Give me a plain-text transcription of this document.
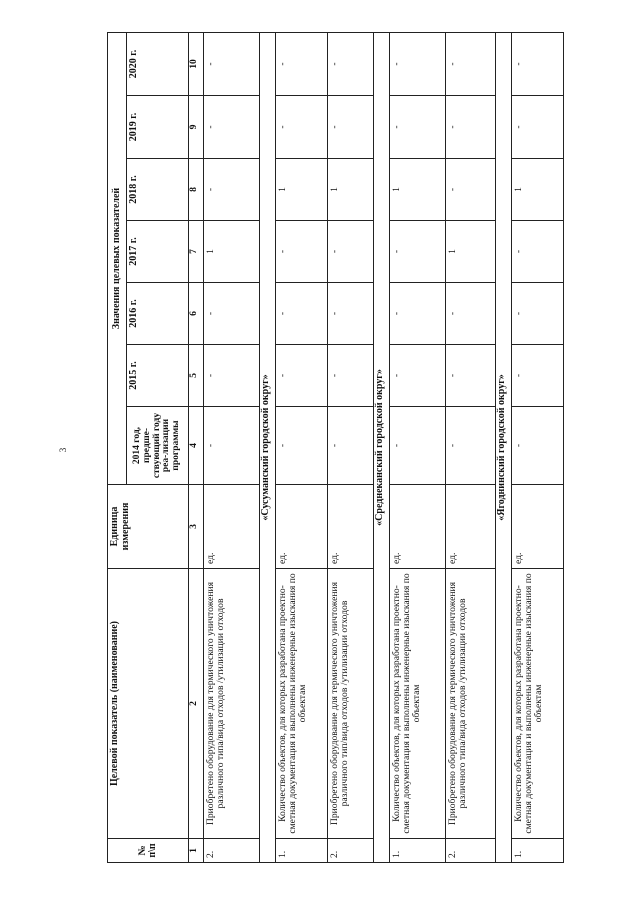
3
№ п\п	Целевой показатель (наименование)	Единица измерения	Значения целевых показателей						
			2014 год, предше-ствующий году реа-лизации программы	2015 г.	2016 г.	2017 г.	2018 г.	2019 г.	2020 г.
1	2	3	4	5	6	7	8	9	10
2.	Приобретено оборудование для термического уничтожения различного типа/вида отходов /утилизации отходов	ед.	-	-	-	1	-	-	-
«Сусуманский городской округ»									
1.	Количество объектов, для которых разработана проектно-сметная документация и выполнены инженерные изыскания по объектам	ед.	-	-	-	-	1	-	-
2.	Приобретено оборудование для термического уничтожения различного тип/вида отходов /утилизации отходов	ед.	-	-	-	-	1	-	-
«Среднеканский городской округ»									
1.	Количество объектов, для которых разработана проектно-сметная документация и выполнены инженерные изыскания по объектам	ед.	-	-	-	-	1	-	-
2.	Приобретено оборудование для термического уничтожения различного типа/вида отходов /утилизации отходов	ед.	-	-	-	1	-	-	-
«Ягоднинский городской округ»									
1.	Количество объектов, для которых разработана проектно-сметная документация и выполнены инженерные изыскания по объектам	ед.	-	-	-	-	1	-	-
